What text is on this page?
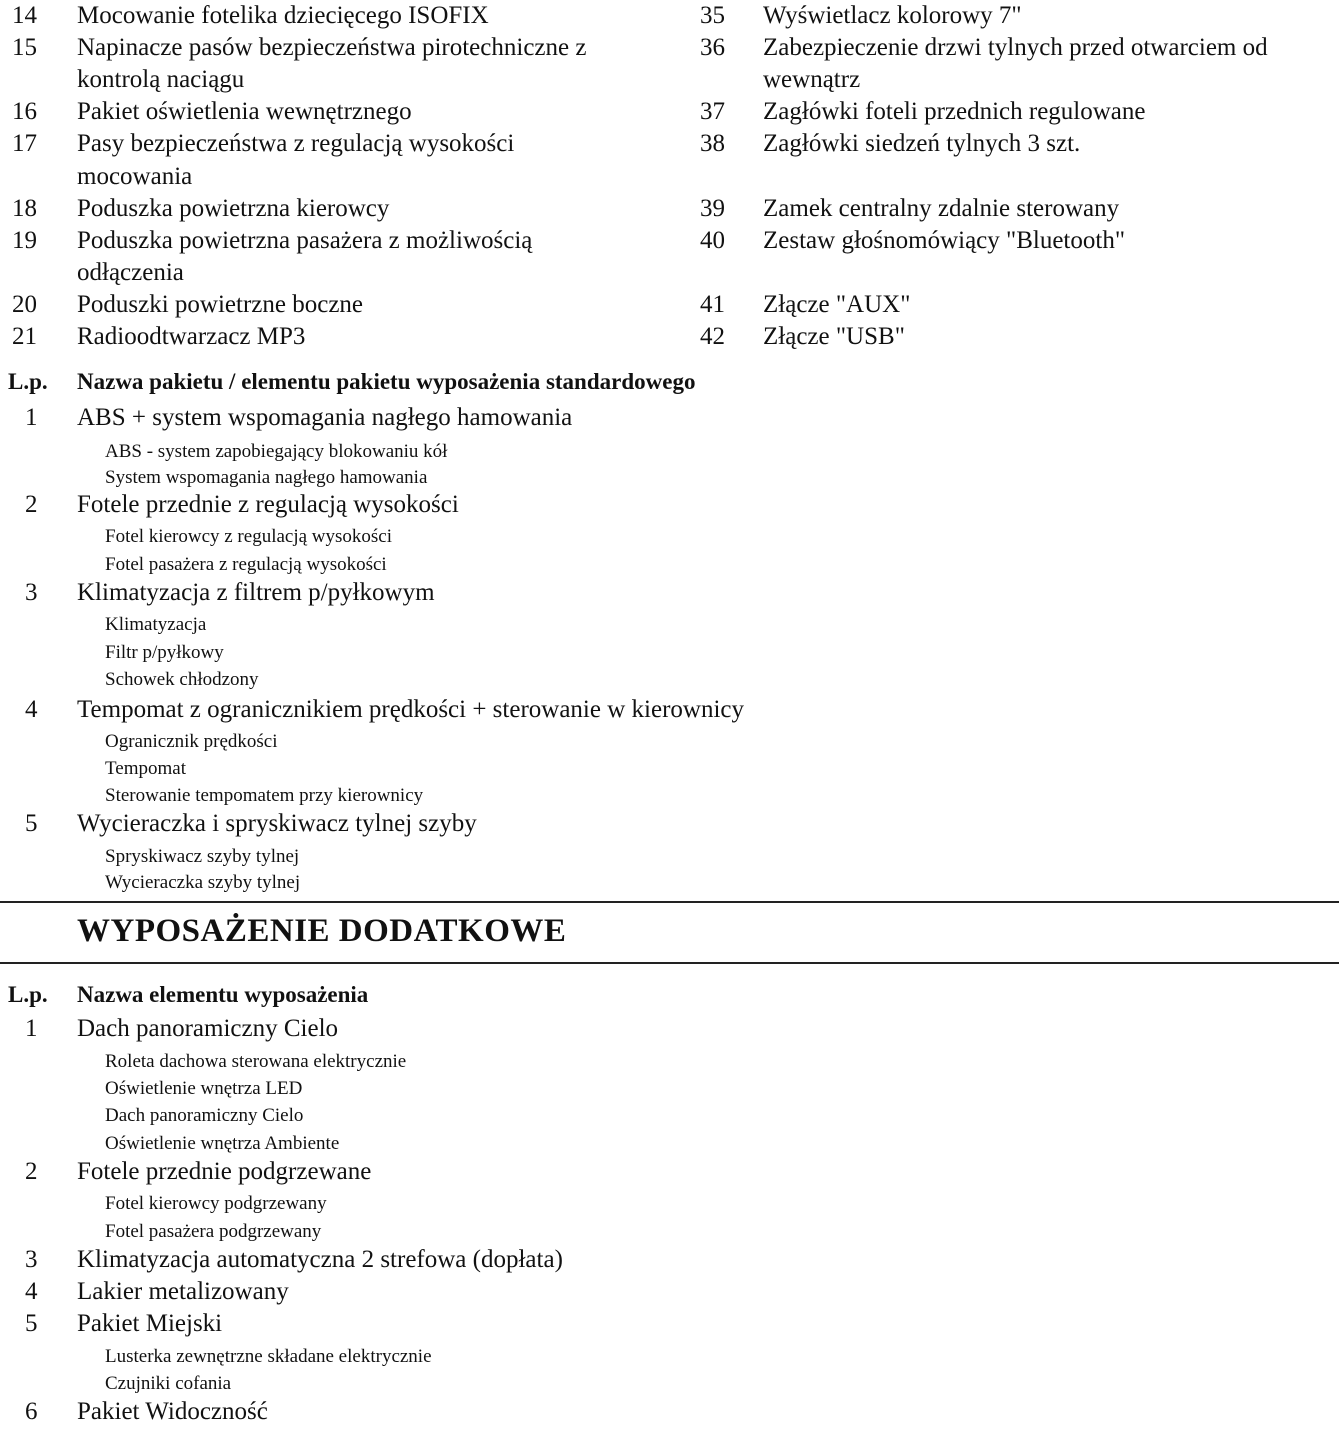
14 Mocowanie fotelika dziecięcego ISOFIX
15 Napinacze pasów bezpieczeństwa pirotechniczne z
kontrolą naciągu
16 Pakiet oświetlenia wewnętrznego
17 Pasy bezpieczeństwa z regulacją wysokości
mocowania
18 Poduszka powietrzna kierowcy
19 Poduszka powietrzna pasażera z możliwością
odłączenia
20 Poduszki powietrzne boczne
21 Radioodtwarzacz MP3
35 Wyświetlacz kolorowy 7"
36 Zabezpieczenie drzwi tylnych przed otwarciem od
wewnątrz
37 Zagłówki foteli przednich regulowane
38 Zagłówki siedzeń tylnych 3 szt.
39 Zamek centralny zdalnie sterowany
40 Zestaw głośnomówiący "Bluetooth"
41 Złącze "AUX"
42 Złącze "USB"
L.p. Nazwa pakietu / elementu pakietu wyposażenia standardowego
1 ABS + system wspomagania nagłego hamowania
ABS - system zapobiegający blokowaniu kół
System wspomagania nagłego hamowania
2 Fotele przednie z regulacją wysokości
Fotel kierowcy z regulacją wysokości
Fotel pasażera z regulacją wysokości
3 Klimatyzacja z filtrem p/pyłkowym
Klimatyzacja
Filtr p/pyłkowy
Schowek chłodzony
4 Tempomat z ogranicznikiem prędkości + sterowanie w kierownicy
Ogranicznik prędkości
Tempomat
Sterowanie tempomatem przy kierownicy
5 Wycieraczka i spryskiwacz tylnej szyby
Spryskiwacz szyby tylnej
Wycieraczka szyby tylnej
WYPOSAŻENIE DODATKOWE
L.p. Nazwa elementu wyposażenia
1 Dach panoramiczny Cielo
Roleta dachowa sterowana elektrycznie
Oświetlenie wnętrza LED
Dach panoramiczny Cielo
Oświetlenie wnętrza Ambiente
2 Fotele przednie podgrzewane
Fotel kierowcy podgrzewany
Fotel pasażera podgrzewany
3 Klimatyzacja automatyczna 2 strefowa (dopłata)
4 Lakier metalizowany
5 Pakiet Miejski
Lusterka zewnętrzne składane elektrycznie
Czujniki cofania
6 Pakiet Widoczność
